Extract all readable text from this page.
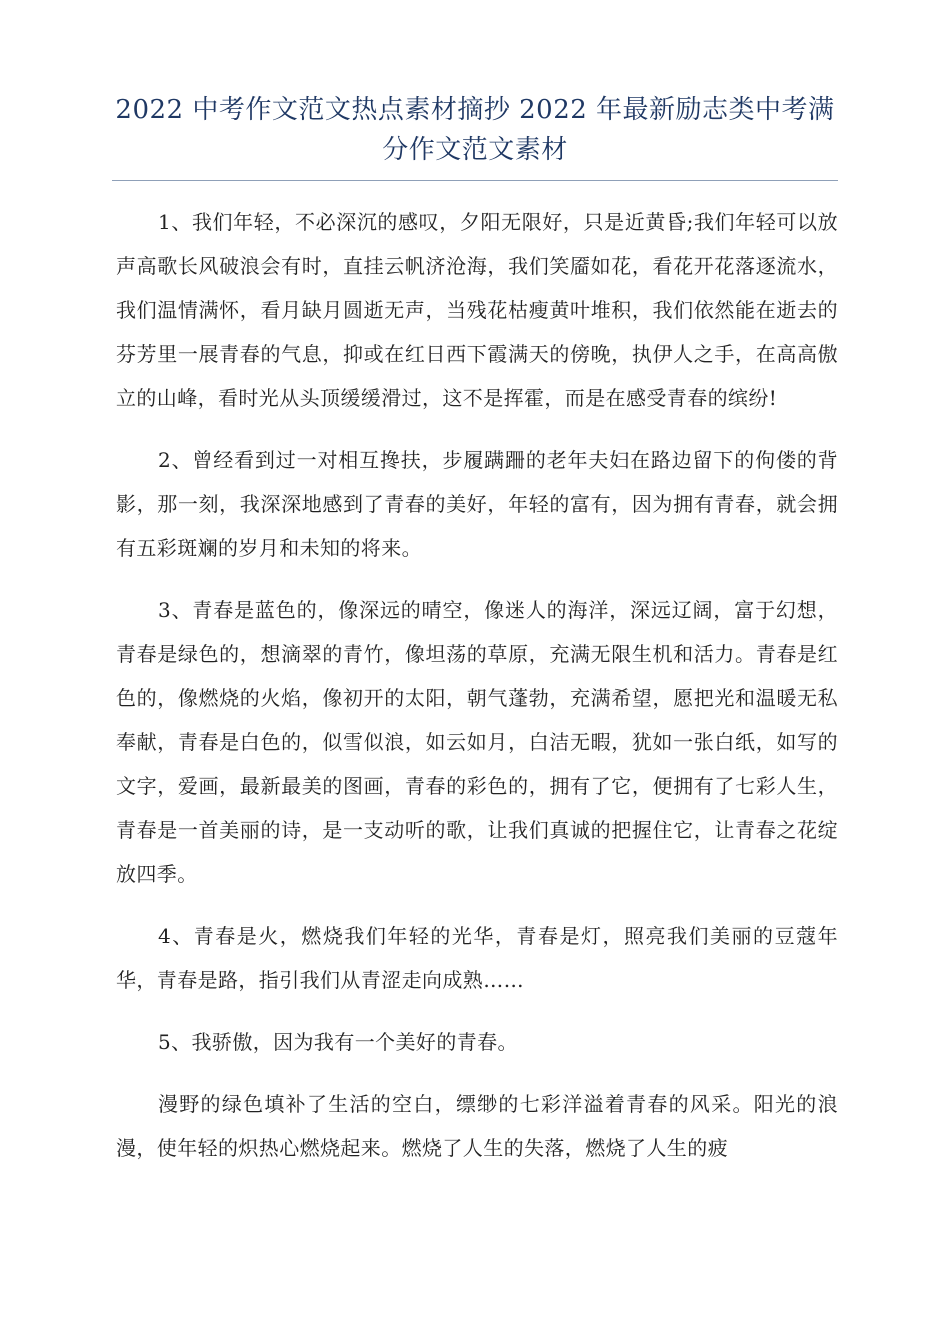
2022 中考作文范文热点素材摘抄 2022 年最新励志类中考满分作文范文素材

1、我们年轻，不必深沉的感叹，夕阳无限好，只是近黄昏;我们年轻可以放声高歌长风破浪会有时，直挂云帆济沧海，我们笑靥如花，看花开花落逐流水，我们温情满怀，看月缺月圆逝无声，当残花枯瘦黄叶堆积，我们依然能在逝去的芬芳里一展青春的气息，抑或在红日西下霞满天的傍晚，执伊人之手，在高高傲立的山峰，看时光从头顶缓缓滑过，这不是挥霍，而是在感受青春的缤纷!

2、曾经看到过一对相互搀扶，步履蹒跚的老年夫妇在路边留下的佝偻的背影，那一刻，我深深地感到了青春的美好，年轻的富有，因为拥有青春，就会拥有五彩斑斓的岁月和未知的将来。

3、青春是蓝色的，像深远的晴空，像迷人的海洋，深远辽阔，富于幻想，青春是绿色的，想滴翠的青竹，像坦荡的草原，充满无限生机和活力。青春是红色的，像燃烧的火焰，像初开的太阳，朝气蓬勃，充满希望，愿把光和温暖无私奉献，青春是白色的，似雪似浪，如云如月，白洁无暇，犹如一张白纸，如写的文字，爱画，最新最美的图画，青春的彩色的，拥有了它，便拥有了七彩人生，青春是一首美丽的诗，是一支动听的歌，让我们真诚的把握住它，让青春之花绽放四季。

4、青春是火，燃烧我们年轻的光华，青春是灯，照亮我们美丽的豆蔻年华，青春是路，指引我们从青涩走向成熟……

5、我骄傲，因为我有一个美好的青春。

漫野的绿色填补了生活的空白，缥缈的七彩洋溢着青春的风采。阳光的浪漫，使年轻的炽热心燃烧起来。燃烧了人生的失落，燃烧了人生的疲
